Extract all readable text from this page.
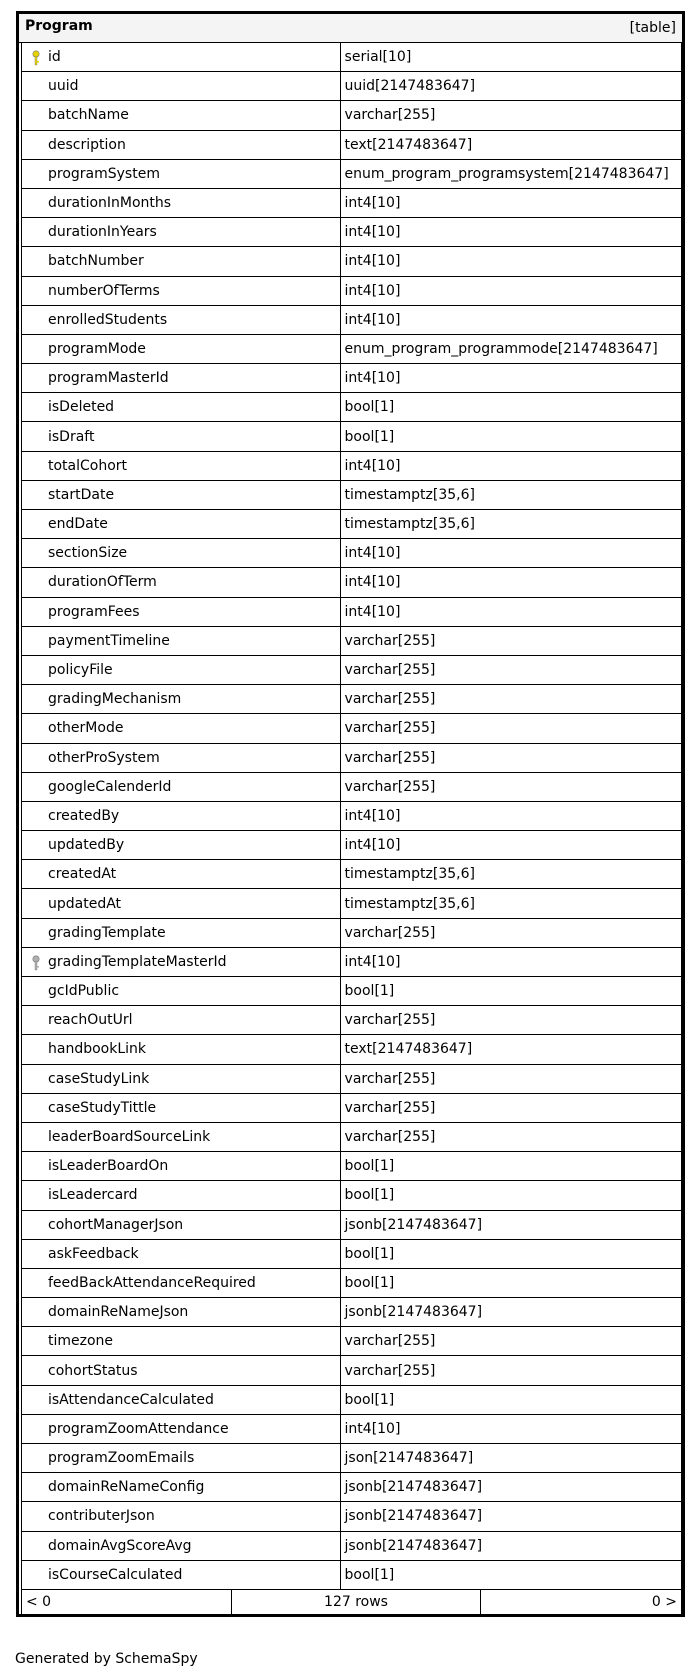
Program	[table]
id	serial[10]
uuid	uuid[2147483647]
batchName	varchar[255]
description	text[2147483647]
programSystem	enum_program_programsystem[2147483647]
durationInMonths	int4[10]
durationInYears	int4[10]
batchNumber	int4[10]
numberOfTerms	int4[10]
enrolledStudents	int4[10]
programMode	enum_program_programmode[2147483647]
programMasterId	int4[10]
isDeleted	bool[1]
isDraft	bool[1]
totalCohort	int4[10]
startDate	timestamptz[35,6]
endDate	timestamptz[35,6]
sectionSize	int4[10]
durationOfTerm	int4[10]
programFees	int4[10]
paymentTimeline	varchar[255]
policyFile	varchar[255]
gradingMechanism	varchar[255]
otherMode	varchar[255]
otherProSystem	varchar[255]
googleCalenderId	varchar[255]
createdBy	int4[10]
updatedBy	int4[10]
createdAt	timestamptz[35,6]
updatedAt	timestamptz[35,6]
gradingTemplate	varchar[255]
gradingTemplateMasterId	int4[10]
gcIdPublic	bool[1]
reachOutUrl	varchar[255]
handbookLink	text[2147483647]
caseStudyLink	varchar[255]
caseStudyTittle	varchar[255]
leaderBoardSourceLink	varchar[255]
isLeaderBoardOn	bool[1]
isLeadercard	bool[1]
cohortManagerJson	jsonb[2147483647]
askFeedback	bool[1]
feedBackAttendanceRequired	bool[1]
domainReNameJson	jsonb[2147483647]
timezone	varchar[255]
cohortStatus	varchar[255]
isAttendanceCalculated	bool[1]
programZoomAttendance	int4[10]
programZoomEmails	json[2147483647]
domainReNameConfig	jsonb[2147483647]
contributerJson	jsonb[2147483647]
domainAvgScoreAvg	jsonb[2147483647]
isCourseCalculated	bool[1]
< 0	127 rows	0 >
Generated by SchemaSpy
